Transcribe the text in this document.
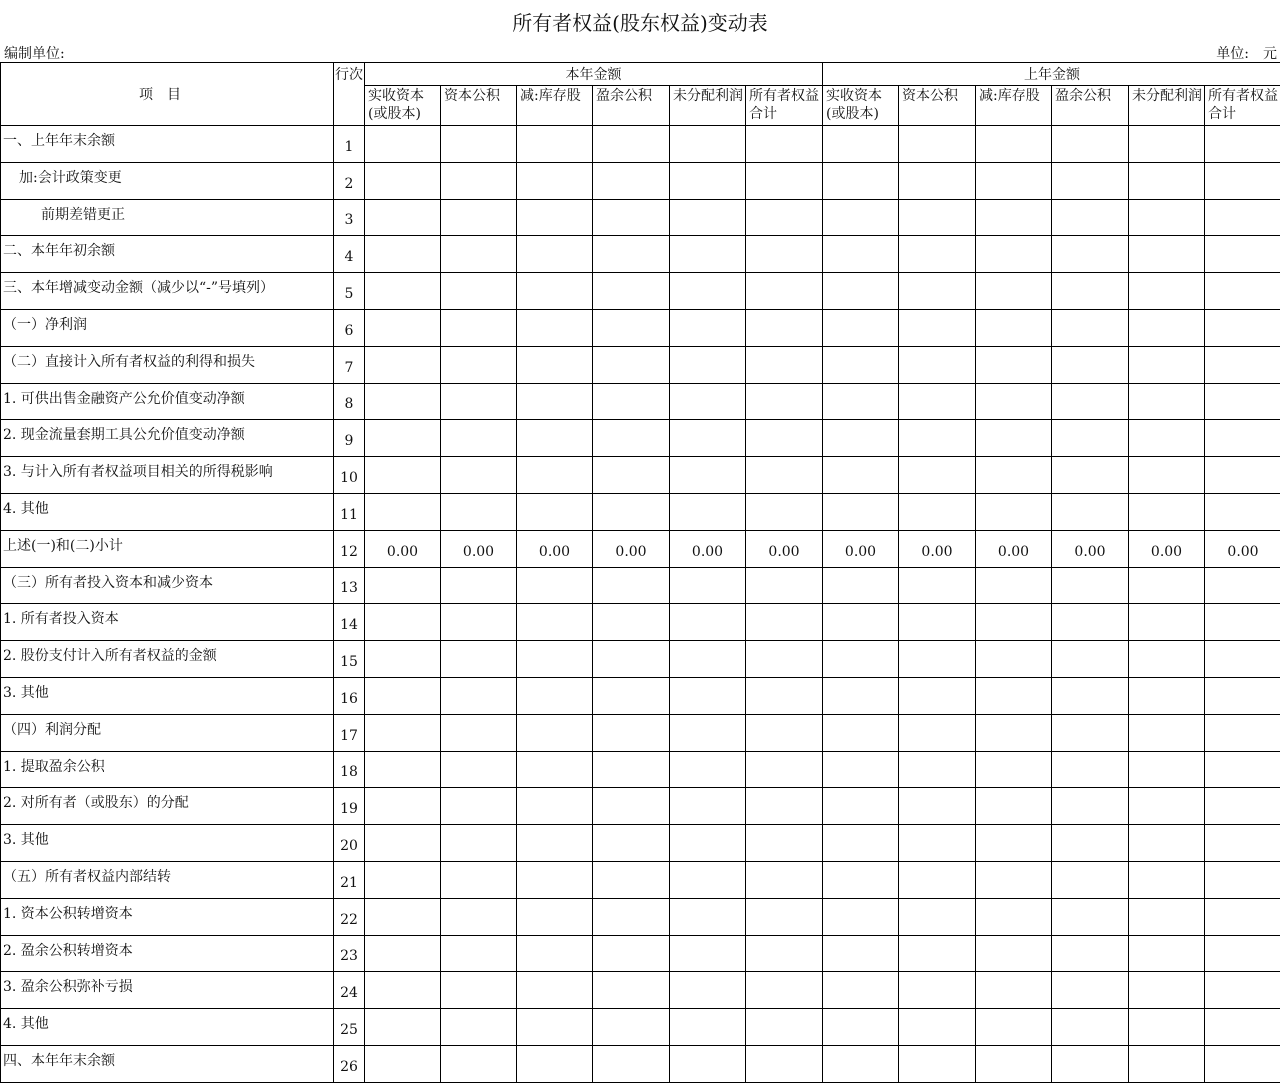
所有者权益(股东权益)变动表
编制单位:	单位: 元
项目	行次	本年金额						上年金额					
		实收资本(或股本)	资本公积	减:库存股	盈余公积	未分配利润	所有者权益 合计	实收资本(或股本)	资本公积	减:库存股	盈余公积	未分配利润	所有者权益 合计
一、上年年末余额	1												
加:会计政策变更	2												
前期差错更正	3												
二、本年年初余额	4												
三、本年增减变动金额（减少以“-”号填列）	5												
（一）净利润	6												
（二）直接计入所有者权益的利得和损失	7												
1. 可供出售金融资产公允价值变动净额	8												
2. 现金流量套期工具公允价值变动净额	9												
3. 与计入所有者权益项目相关的所得税影响	10												
4. 其他	11												
上述(一)和(二)小计	12	0.00	0.00	0.00	0.00	0.00	0.00	0.00	0.00	0.00	0.00	0.00	0.00
（三）所有者投入资本和减少资本	13												
1. 所有者投入资本	14												
2. 股份支付计入所有者权益的金额	15												
3. 其他	16												
（四）利润分配	17												
1. 提取盈余公积	18												
2. 对所有者（或股东）的分配	19												
3. 其他	20												
（五）所有者权益内部结转	21												
1. 资本公积转增资本	22												
2. 盈余公积转增资本	23												
3. 盈余公积弥补亏损	24												
4. 其他	25												
四、本年年末余额	26												
